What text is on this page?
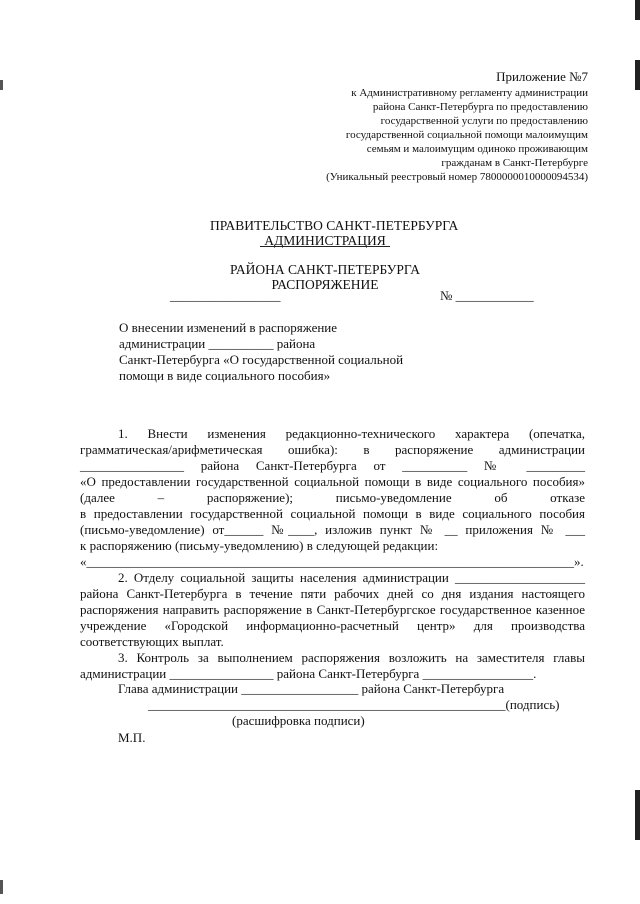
Приложение №7
к Административному регламенту администрации
района Санкт-Петербурга по предоставлению
государственной услуги по предоставлению
государственной социальной помощи малоимущим
семьям и малоимущим одиноко проживающим
гражданам в Санкт-Петербурге
(Уникальный реестровый номер 7800000010000094534)
ПРАВИТЕЛЬСТВО САНКТ-ПЕТЕРБУРГА
АДМИНИСТРАЦИЯ
РАЙОНА САНКТ-ПЕТЕРБУРГА
РАСПОРЯЖЕНИЕ
_________________	№ ____________
О внесении изменений в распоряжение
администрации __________ района
Санкт-Петербурга «О государственной социальной
помощи в виде социального пособия»
1. Внести изменения редакционно-технического характера (опечатка,
грамматическая/арифметическая ошибка): в распоряжение администрации
________________ района Санкт-Петербурга от __________ № _________
«О предоставлении государственной социальной помощи в виде социального пособия»
(далее – распоряжение); письмо-уведомление об отказе
в предоставлении государственной социальной помощи в виде социального пособия
(письмо-уведомление) от______ №____, изложив пункт № __ приложения № ___
к распоряжению (письму-уведомлению) в следующей редакции:
«___________________________________________________________________________».
2. Отделу социальной защиты населения администрации ____________________
района Санкт-Петербурга в течение пяти рабочих дней со дня издания настоящего
распоряжения направить распоряжение в Санкт-Петербургское государственное казенное
учреждение «Городской информационно-расчетный центр» для производства
соответствующих выплат.
3. Контроль за выполнением распоряжения возложить на заместителя главы
администрации ________________ района Санкт-Петербурга _________________.
Глава администрации __________________ района Санкт-Петербурга
_______________________________________________________(подпись)
(расшифровка подписи)
М.П.
